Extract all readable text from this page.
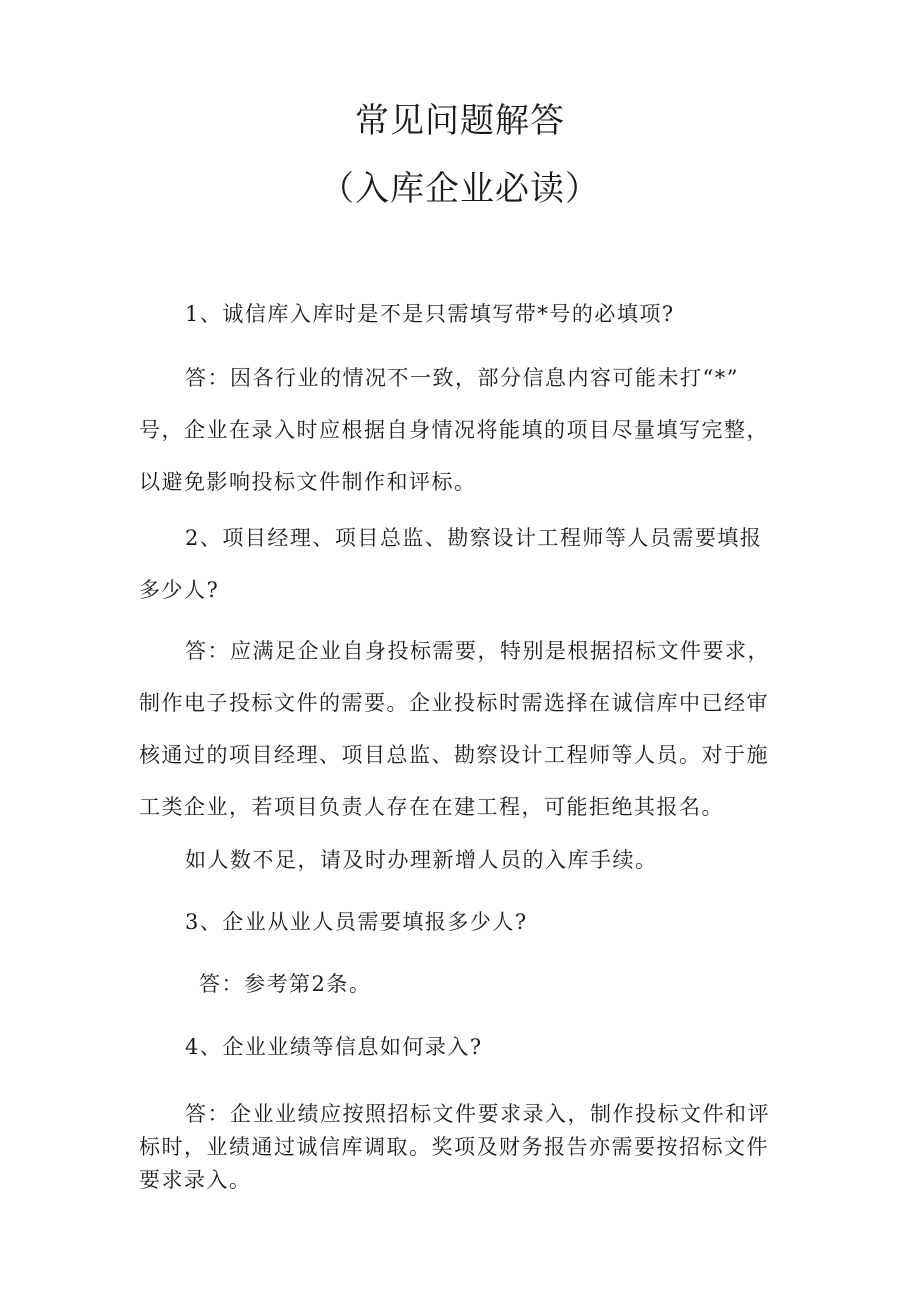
常见问题解答
（入库企业必读）
1、诚信库入库时是不是只需填写带*号的必填项?
答：因各行业的情况不一致，部分信息内容可能未打“*”
号，企业在录入时应根据自身情况将能填的项目尽量填写完整，
以避免影响投标文件制作和评标。
2、项目经理、项目总监、勘察设计工程师等人员需要填报
多少人?
答：应满足企业自身投标需要，特别是根据招标文件要求，
制作电子投标文件的需要。企业投标时需选择在诚信库中已经审
核通过的项目经理、项目总监、勘察设计工程师等人员。对于施
工类企业，若项目负责人存在在建工程，可能拒绝其报名。
如人数不足，请及时办理新增人员的入库手续。
3、企业从业人员需要填报多少人?
答：参考第2条。
4、企业业绩等信息如何录入?
答：企业业绩应按照招标文件要求录入，制作投标文件和评
标时，业绩通过诚信库调取。奖项及财务报告亦需要按招标文件
要求录入。
